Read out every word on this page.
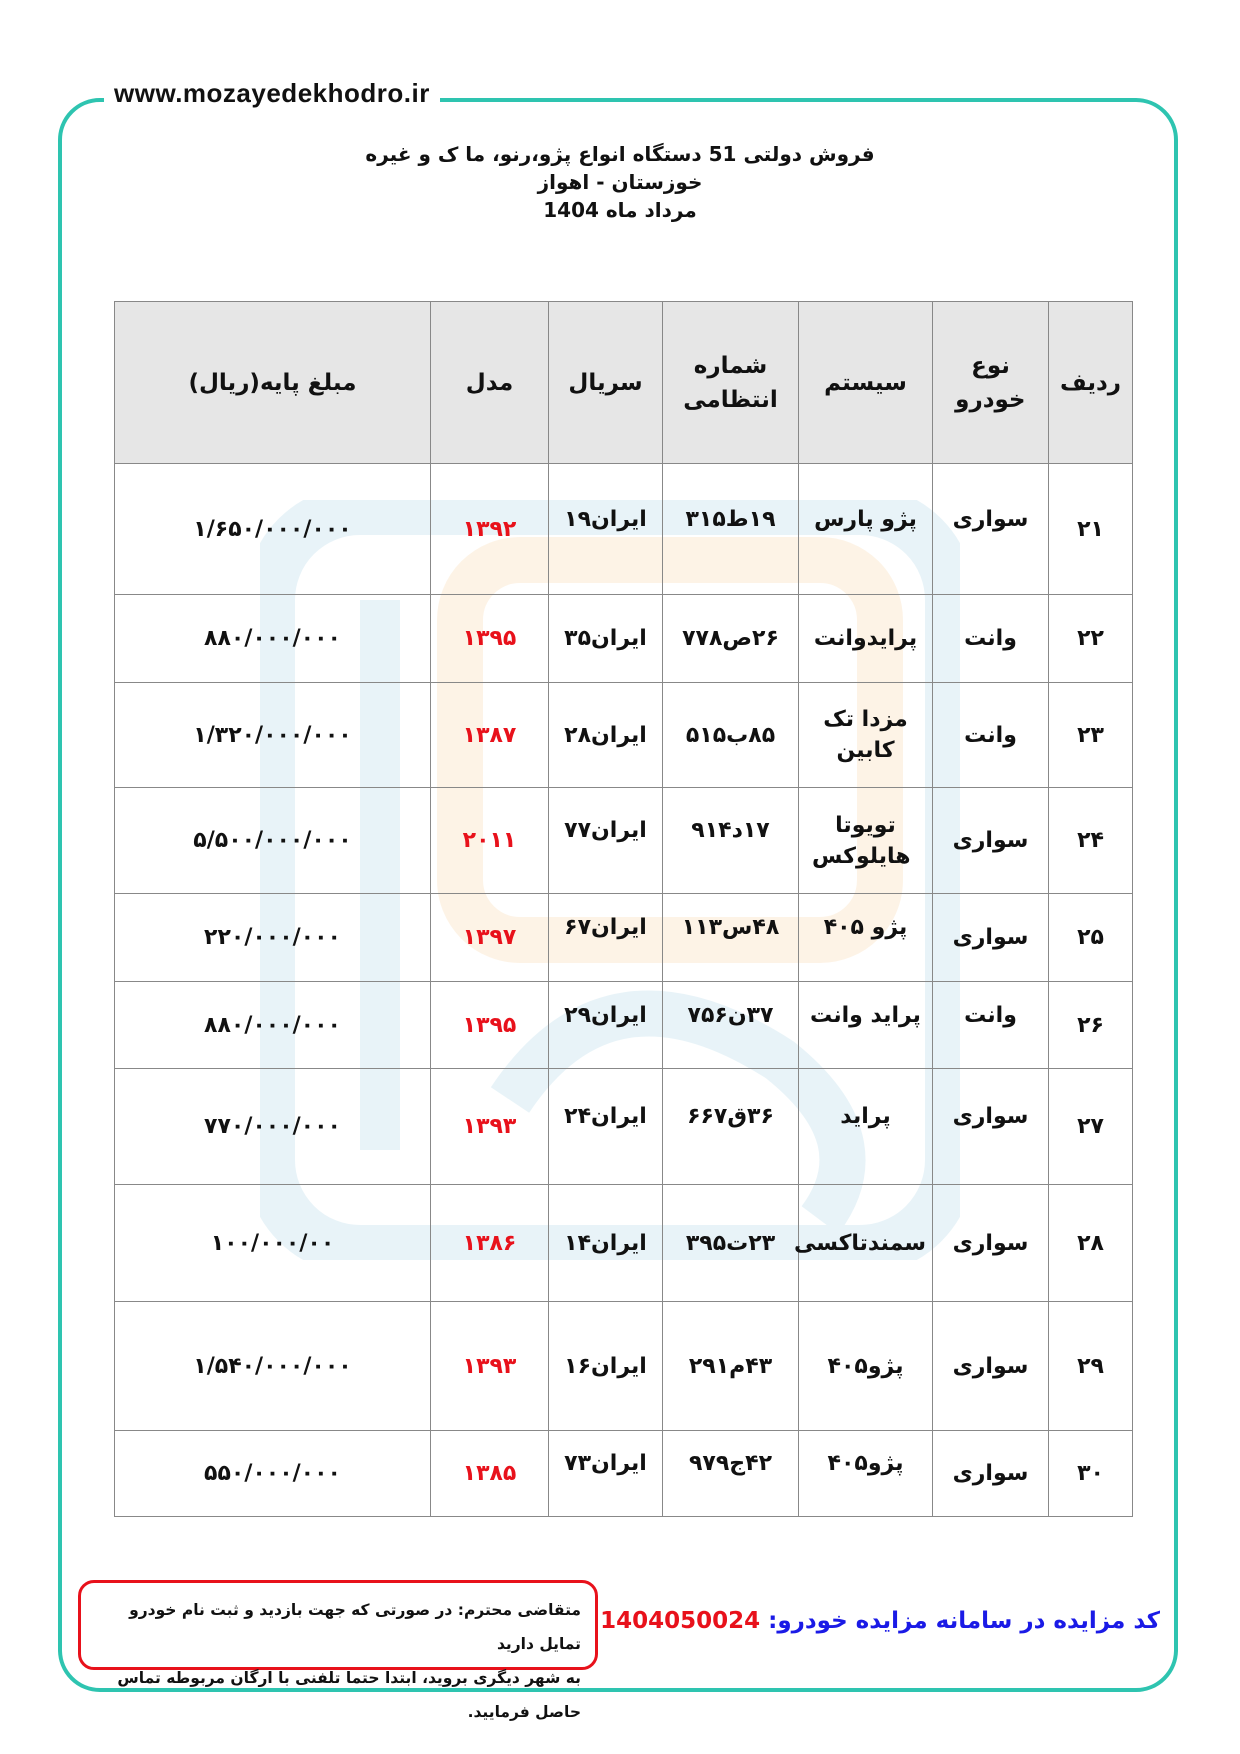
www.mozayedekhodro.ir
فروش دولتی 51 دستگاه انواع پژو،رنو، ما ک و غیره
خوزستان - اهواز
مرداد ماه 1404
ردیف	نوع خودرو	سیستم	شماره انتظامی	سریال	مدل	مبلغ پایه(ریال)
۲۱	سواری	پژو پارس	۱۹ط۳۱۵	ایران۱۹	۱۳۹۲	۱/۶۵۰/۰۰۰/۰۰۰
۲۲	وانت	پرایدوانت	۲۶ص۷۷۸	ایران۳۵	۱۳۹۵	۸۸۰/۰۰۰/۰۰۰
۲۳	وانت	مزدا تک کابین	۸۵ب۵۱۵	ایران۲۸	۱۳۸۷	۱/۳۲۰/۰۰۰/۰۰۰
۲۴	سواری	تویوتا هایلوکس	۱۷د۹۱۴	ایران۷۷	۲۰۱۱	۵/۵۰۰/۰۰۰/۰۰۰
۲۵	سواری	پژو ۴۰۵	۴۸س۱۱۳	ایران۶۷	۱۳۹۷	۲۲۰/۰۰۰/۰۰۰
۲۶	وانت	پراید وانت	۳۷ن۷۵۶	ایران۲۹	۱۳۹۵	۸۸۰/۰۰۰/۰۰۰
۲۷	سواری	پراید	۳۶ق۶۶۷	ایران۲۴	۱۳۹۳	۷۷۰/۰۰۰/۰۰۰
۲۸	سواری	سمندتاکسی	۲۳ت۳۹۵	ایران۱۴	۱۳۸۶	۱۰۰/۰۰۰/۰۰
۲۹	سواری	پژو۴۰۵	۴۳م۲۹۱	ایران۱۶	۱۳۹۳	۱/۵۴۰/۰۰۰/۰۰۰
۳۰	سواری	پژو۴۰۵	۴۲ج۹۷۹	ایران۷۳	۱۳۸۵	۵۵۰/۰۰۰/۰۰۰
متقاضی محترم: در صورتی که جهت بازدید و ثبت نام خودرو تمایل دارید
به شهر دیگری بروید، ابتدا حتما تلفنی با ارگان مربوطه تماس حاصل فرمایید.
کد مزایده در سامانه مزایده خودرو: 1404050024
